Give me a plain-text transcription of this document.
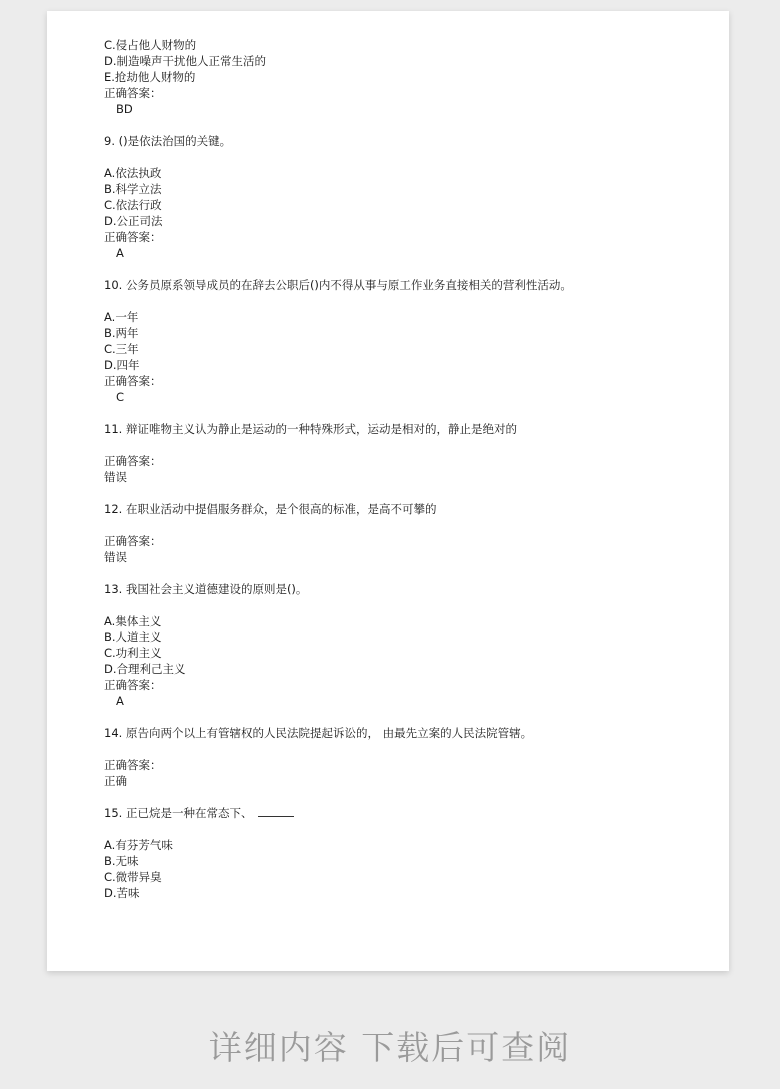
C.侵占他人财物的
D.制造噪声干扰他人正常生活的
E.抢劫他人财物的
正确答案：
BD
9. ()是依法治国的关键。
A.依法执政
B.科学立法
C.依法行政
D.公正司法
正确答案：
A
10. 公务员原系领导成员的在辞去公职后()内不得从事与原工作业务直接相关的营利性活动。
A.一年
B.两年
C.三年
D.四年
正确答案：
C
11. 辩证唯物主义认为静止是运动的一种特殊形式，运动是相对的，静止是绝对的
正确答案：
错误
12. 在职业活动中提倡服务群众，是个很高的标准，是高不可攀的
正确答案：
错误
13. 我国社会主义道德建设的原则是()。
A.集体主义
B.人道主义
C.功利主义
D.合理利己主义
正确答案：
A
14. 原告向两个以上有管辖权的人民法院提起诉讼的， 由最先立案的人民法院管辖。
正确答案：
正确
15. 正已烷是一种在常态下、
A.有芬芳气味
B.无味
C.微带异臭
D.苦味
详细内容 下载后可查阅
